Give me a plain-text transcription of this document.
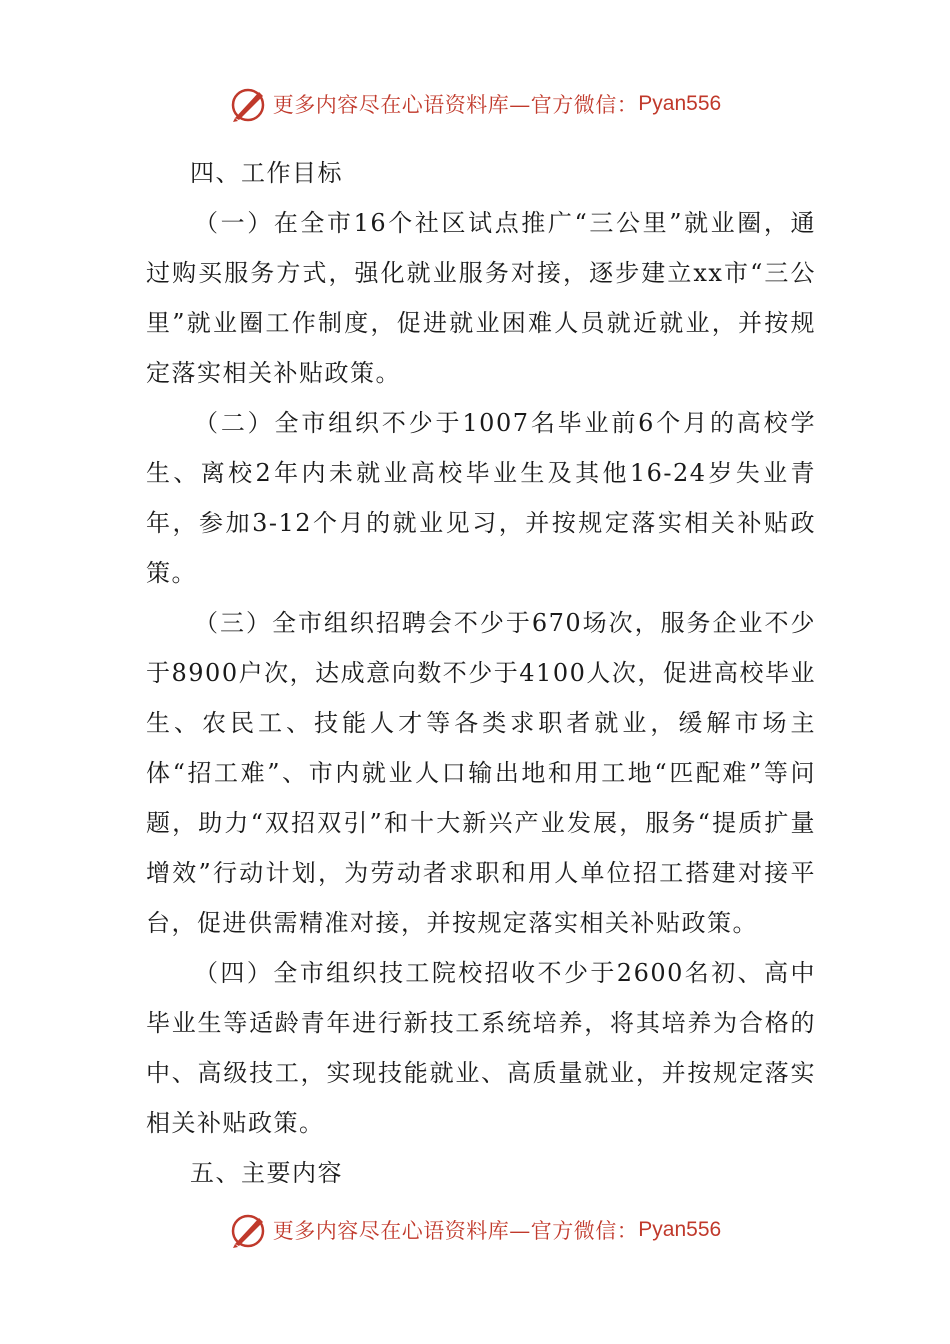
更多内容尽在心语资料库—官方微信： Pyan556

四、工作目标

（一）在全市16个社区试点推广“三公里”就业圈，通过购买服务方式，强化就业服务对接，逐步建立xx市“三公里”就业圈工作制度，促进就业困难人员就近就业，并按规定落实相关补贴政策。

（二）全市组织不少于1007名毕业前6个月的高校学生、离校2年内未就业高校毕业生及其他16-24岁失业青年，参加3-12个月的就业见习，并按规定落实相关补贴政策。

（三）全市组织招聘会不少于670场次，服务企业不少于8900户次，达成意向数不少于4100人次，促进高校毕业生、农民工、技能人才等各类求职者就业，缓解市场主体“招工难”、市内就业人口输出地和用工地“匹配难”等问题，助力“双招双引”和十大新兴产业发展，服务“提质扩量增效”行动计划，为劳动者求职和用人单位招工搭建对接平台，促进供需精准对接，并按规定落实相关补贴政策。

（四）全市组织技工院校招收不少于2600名初、高中毕业生等适龄青年进行新技工系统培养，将其培养为合格的中、高级技工，实现技能就业、高质量就业，并按规定落实相关补贴政策。

五、主要内容

更多内容尽在心语资料库—官方微信： Pyan556
